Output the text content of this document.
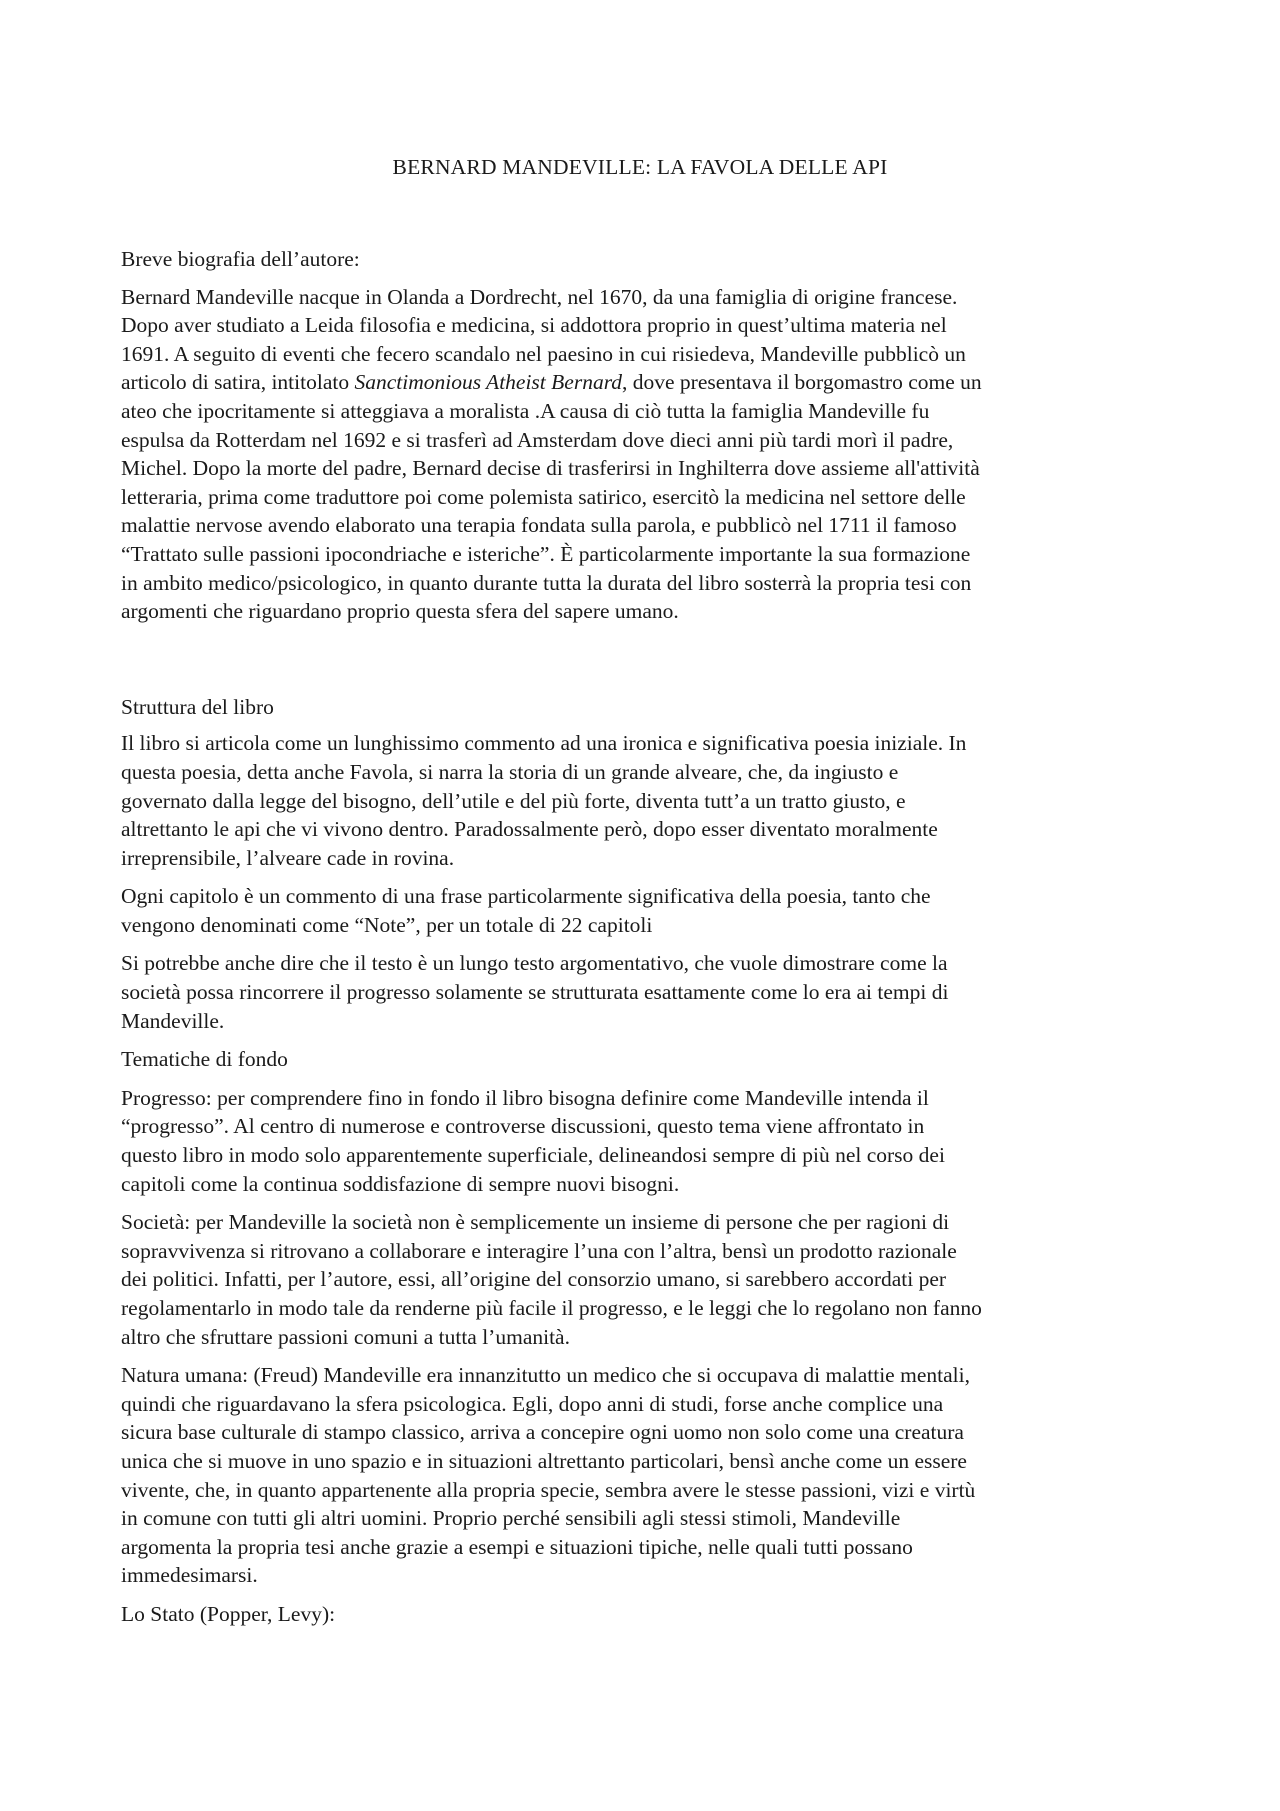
BERNARD MANDEVILLE: LA FAVOLA DELLE API

Breve biografia dell’autore:

Bernard Mandeville nacque in Olanda a Dordrecht, nel 1670, da una famiglia di origine francese.
Dopo aver studiato a Leida filosofia e medicina, si addottora proprio in quest’ultima materia nel
1691. A seguito di eventi che fecero scandalo nel paesino in cui risiedeva, Mandeville pubblicò un
articolo di satira, intitolato Sanctimonious Atheist Bernard, dove presentava il borgomastro come un
ateo che ipocritamente si atteggiava a moralista .A causa di ciò tutta la famiglia Mandeville fu
espulsa da Rotterdam nel 1692 e si trasferì ad Amsterdam dove dieci anni più tardi morì il padre,
Michel. Dopo la morte del padre, Bernard decise di trasferirsi in Inghilterra dove assieme all'attività
letteraria, prima come traduttore poi come polemista satirico, esercitò la medicina nel settore delle
malattie nervose avendo elaborato una terapia fondata sulla parola, e pubblicò nel 1711 il famoso
“Trattato sulle passioni ipocondriache e isteriche”. È particolarmente importante la sua formazione
in ambito medico/psicologico, in quanto durante tutta la durata del libro sosterrà la propria tesi con
argomenti che riguardano proprio questa sfera del sapere umano.

Struttura del libro

Il libro si articola come un lunghissimo commento ad una ironica e significativa poesia iniziale. In
questa poesia, detta anche Favola, si narra la storia di un grande alveare, che, da ingiusto e
governato dalla legge del bisogno, dell’utile e del più forte, diventa tutt’a un tratto giusto, e
altrettanto le api che vi vivono dentro. Paradossalmente però, dopo esser diventato moralmente
irreprensibile, l’alveare cade in rovina.

Ogni capitolo è un commento di una frase particolarmente significativa della poesia, tanto che
vengono denominati come “Note”, per un totale di 22 capitoli

Si potrebbe anche dire che il testo è un lungo testo argomentativo, che vuole dimostrare come la
società possa rincorrere il progresso solamente se strutturata esattamente come lo era ai tempi di
Mandeville.

Tematiche di fondo

Progresso: per comprendere fino in fondo il libro bisogna definire come Mandeville intenda il
“progresso”. Al centro di numerose e controverse discussioni, questo tema viene affrontato in
questo libro in modo solo apparentemente superficiale, delineandosi sempre di più nel corso dei
capitoli come la continua soddisfazione di sempre nuovi bisogni.

Società: per Mandeville la società non è semplicemente un insieme di persone che per ragioni di
sopravvivenza si ritrovano a collaborare e interagire l’una con l’altra, bensì un prodotto razionale
dei politici. Infatti, per l’autore, essi, all’origine del consorzio umano, si sarebbero accordati per
regolamentarlo in modo tale da renderne più facile il progresso, e le leggi che lo regolano non fanno
altro che sfruttare passioni comuni a tutta l’umanità.

Natura umana: (Freud) Mandeville era innanzitutto un medico che si occupava di malattie mentali,
quindi che riguardavano la sfera psicologica. Egli, dopo anni di studi, forse anche complice una
sicura base culturale di stampo classico, arriva a concepire ogni uomo non solo come una creatura
unica che si muove in uno spazio e in situazioni altrettanto particolari, bensì anche come un essere
vivente, che, in quanto appartenente alla propria specie, sembra avere le stesse passioni, vizi e virtù
in comune con tutti gli altri uomini. Proprio perché sensibili agli stessi stimoli, Mandeville
argomenta la propria tesi anche grazie a esempi e situazioni tipiche, nelle quali tutti possano
immedesimarsi.

Lo Stato (Popper, Levy):
